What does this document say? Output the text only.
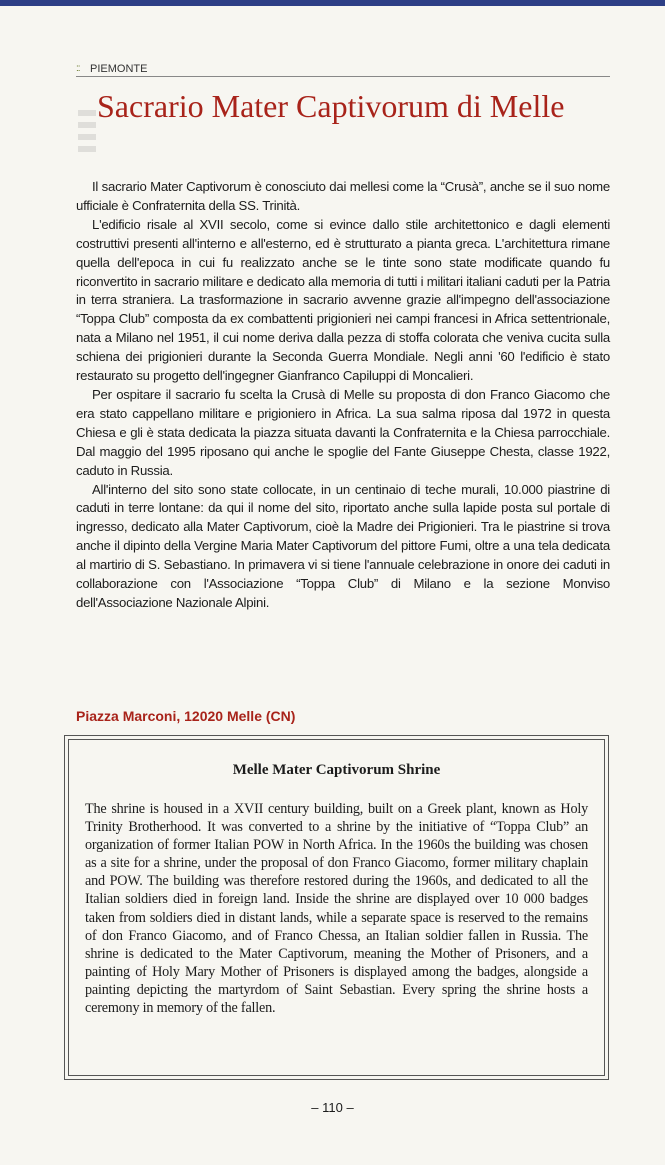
:: PIEMONTE
Sacrario Mater Captivorum di Melle

Il sacrario Mater Captivorum è conosciuto dai mellesi come la “Crusà”, anche se il suo nome ufficiale è Confraternita della SS. Trinità.

L'edificio risale al XVII secolo, come si evince dallo stile architettonico e dagli elementi costruttivi presenti all'interno e all'esterno, ed è strutturato a pianta greca. L'architettura rimane quella dell'epoca in cui fu realizzato anche se le tinte sono state modificate quando fu riconvertito in sacrario militare e dedicato alla memoria di tutti i militari italiani caduti per la Patria in terra straniera. La trasformazione in sacrario avvenne grazie all'impegno dell'associazione “Toppa Club” composta da ex combattenti prigionieri nei campi francesi in Africa settentrionale, nata a Milano nel 1951, il cui nome deriva dalla pezza di stoffa colorata che veniva cucita sulla schiena dei prigionieri durante la Seconda Guerra Mondiale. Negli anni '60 l'edificio è stato restaurato su progetto dell'ingegner Gianfranco Capiluppi di Moncalieri.

Per ospitare il sacrario fu scelta la Crusà di Melle su proposta di don Franco Giacomo che era stato cappellano militare e prigioniero in Africa. La sua salma riposa dal 1972 in questa Chiesa e gli è stata dedicata la piazza situata davanti la Confraternita e la Chiesa parrocchiale. Dal maggio del 1995 riposano qui anche le spoglie del Fante Giuseppe Chesta, classe 1922, caduto in Russia.

All'interno del sito sono state collocate, in un centinaio di teche murali, 10.000 piastrine di caduti in terre lontane: da qui il nome del sito, riportato anche sulla lapide posta sul portale di ingresso, dedicato alla Mater Captivorum, cioè la Madre dei Prigionieri. Tra le piastrine si trova anche il dipinto della Vergine Maria Mater Captivorum del pittore Fumi, oltre a una tela dedicata al martirio di S. Sebastiano. In primavera vi si tiene l'annuale celebrazione in onore dei caduti in collaborazione con l'Associazione “Toppa Club” di Milano e la sezione Monviso dell'Associazione Nazionale Alpini.

Piazza Marconi, 12020 Melle (CN)
Melle Mater Captivorum Shrine

The shrine is housed in a XVII century building, built on a Greek plant, known as Holy Trinity Brotherhood. It was converted to a shrine by the initiative of “Toppa Club” an organization of former Italian POW in North Africa. In the 1960s the building was chosen as a site for a shrine, under the proposal of don Franco Giacomo, former military chaplain and POW. The building was therefore restored during the 1960s, and dedicated to all the Italian soldiers died in foreign land. Inside the shrine are displayed over 10 000 badges taken from soldiers died in distant lands, while a separate space is reserved to the remains of don Franco Giacomo, and of Franco Chessa, an Italian soldier fallen in Russia. The shrine is dedicated to the Mater Captivorum, meaning the Mother of Prisoners, and a painting of Holy Mary Mother of Prisoners is displayed among the badges, alongside a painting depicting the martyrdom of Saint Sebastian. Every spring the shrine hosts a ceremony in memory of the fallen.

– 110 –
